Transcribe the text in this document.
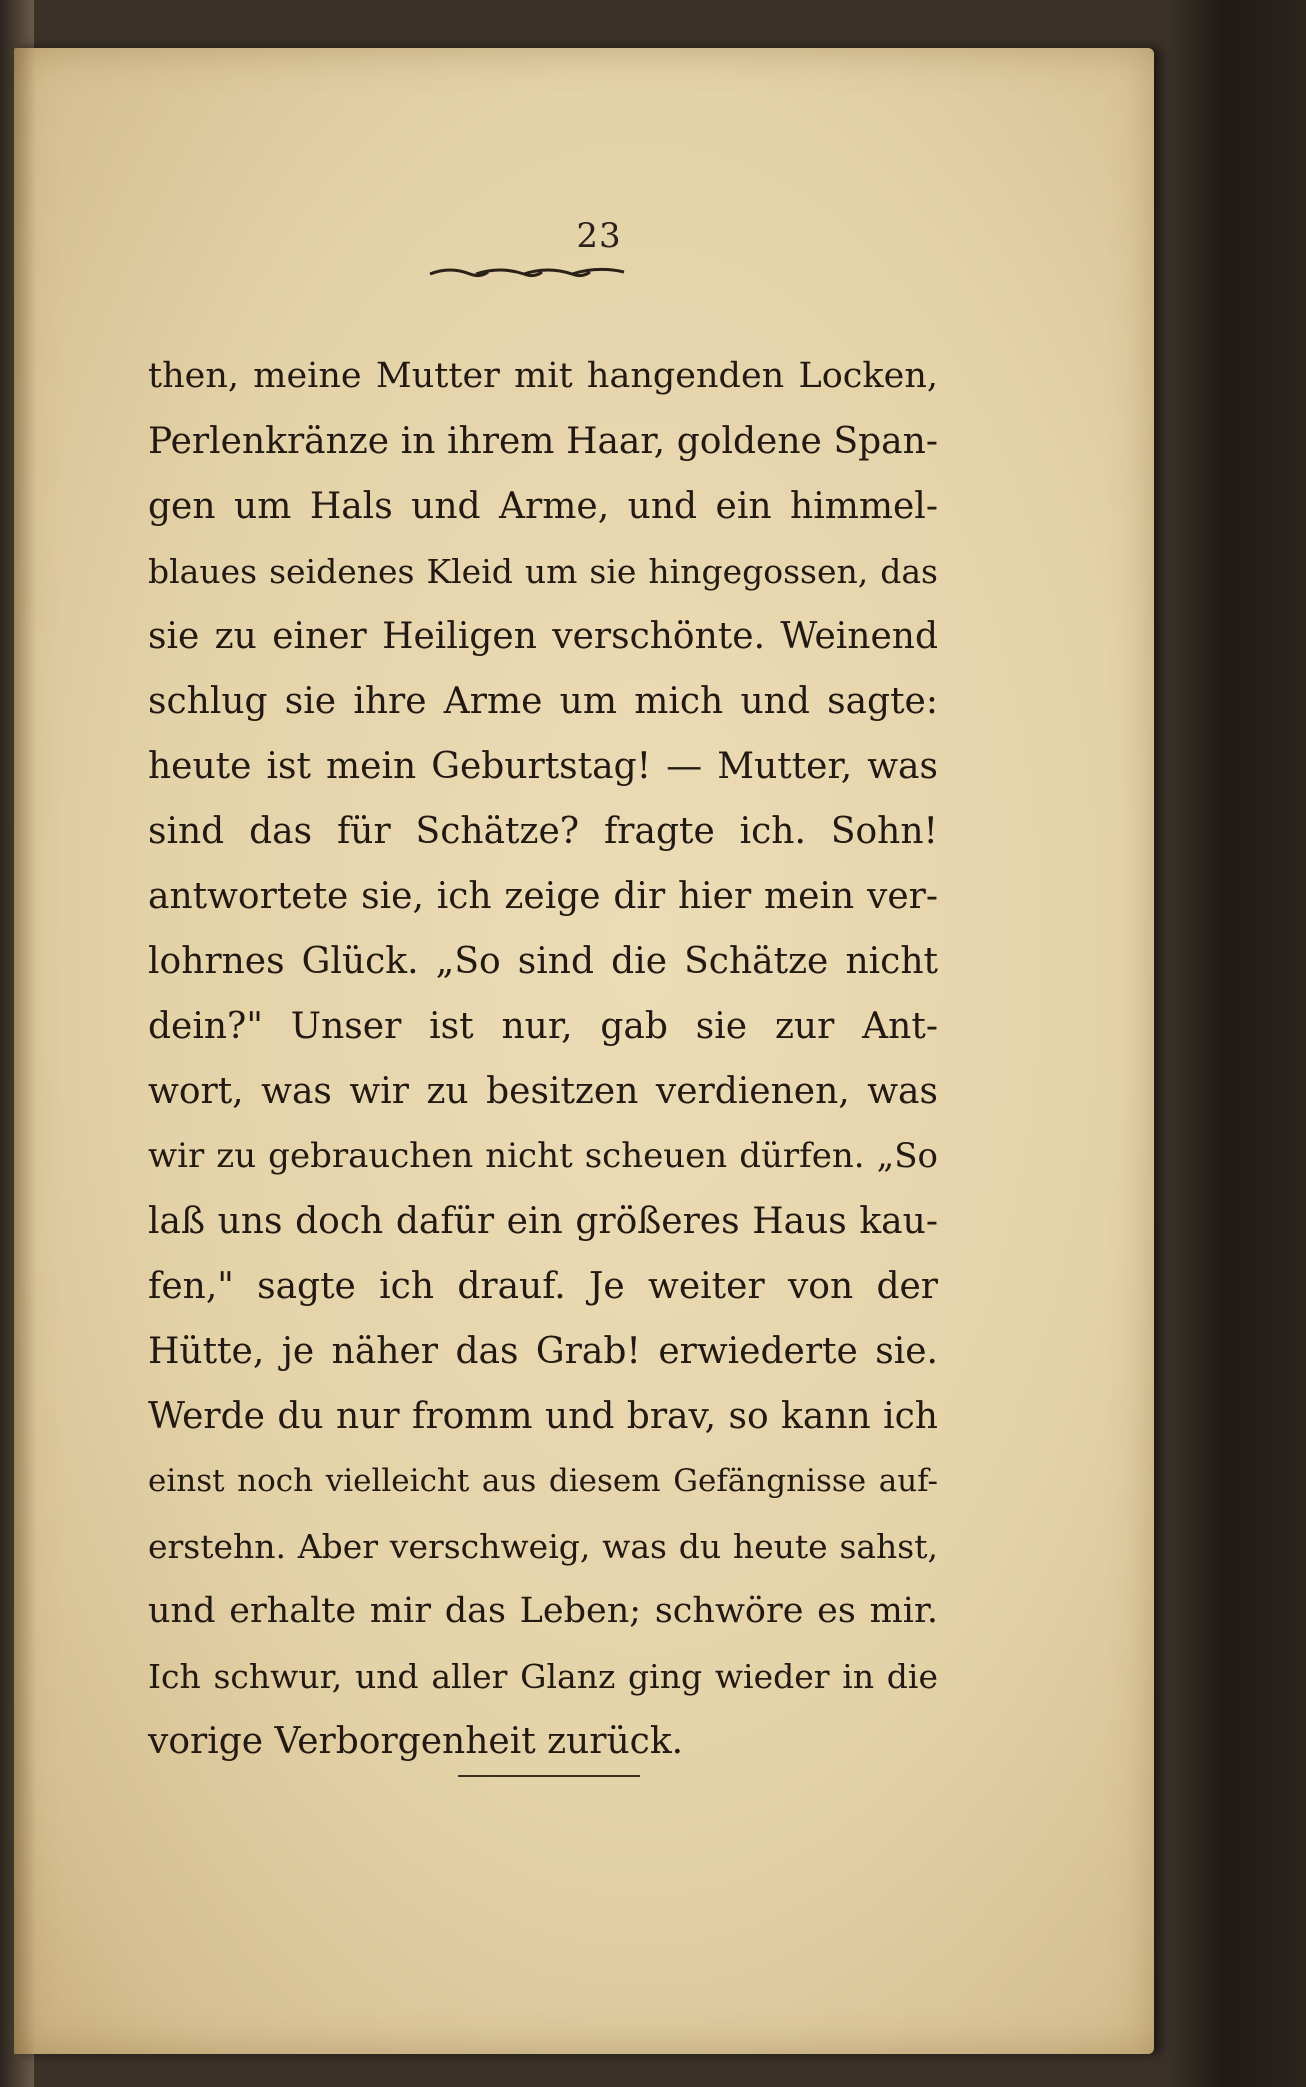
23
then, meine Mutter mit hangenden Locken,
Perlenkränze in ihrem Haar, goldene Span-
gen um Hals und Arme, und ein himmel-
blaues seidenes Kleid um sie hingegossen, das
sie zu einer Heiligen verschönte. Weinend
schlug sie ihre Arme um mich und sagte:
heute ist mein Geburtstag! — Mutter, was
sind das für Schätze? fragte ich. Sohn!
antwortete sie, ich zeige dir hier mein ver-
lohrnes Glück. „So sind die Schätze nicht
dein?" Unser ist nur, gab sie zur Ant-
wort, was wir zu besitzen verdienen, was
wir zu gebrauchen nicht scheuen dürfen. „So
laß uns doch dafür ein größeres Haus kau-
fen," sagte ich drauf. Je weiter von der
Hütte, je näher das Grab! erwiederte sie.
Werde du nur fromm und brav, so kann ich
einst noch vielleicht aus diesem Gefängnisse auf-
erstehn. Aber verschweig, was du heute sahst,
und erhalte mir das Leben; schwöre es mir.
Ich schwur, und aller Glanz ging wieder in die
vorige Verborgenheit zurück.
